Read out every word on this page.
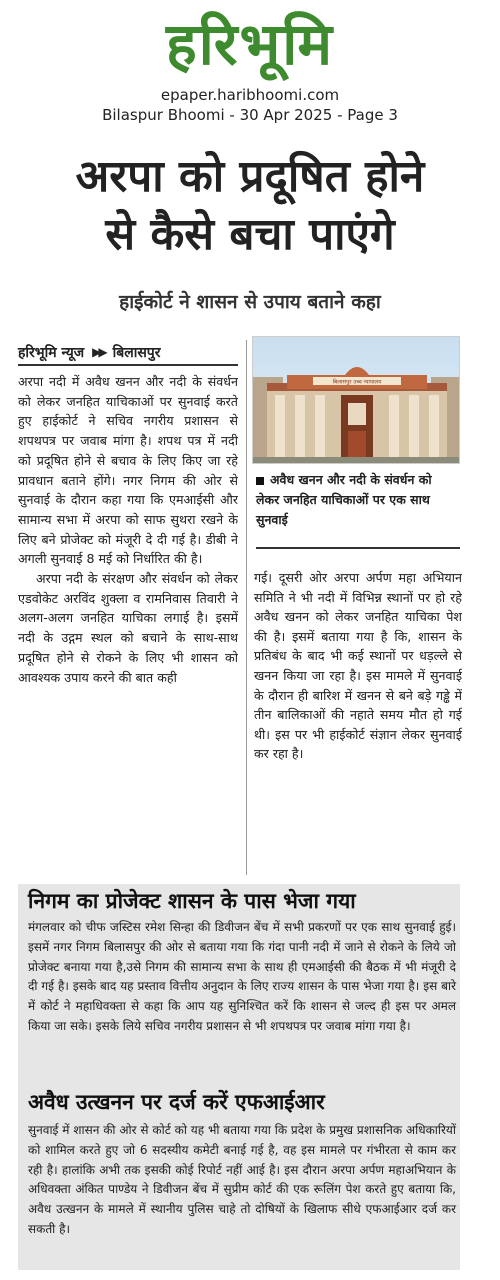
हरिभूमि
epaper.haribhoomi.com
Bilaspur Bhoomi - 30 Apr 2025 - Page 3
अरपा को प्रदूषित होने
से कैसे बचा पाएंगे
हाईकोर्ट ने शासन से उपाय बताने कहा
हरिभूमि न्यूज ▶▶ बिलासपुर

अरपा नदी में अवैध खनन और नदी के संवर्धन को लेकर जनहित याचिकाओं पर सुनवाई करते हुए हाईकोर्ट ने सचिव नगरीय प्रशासन से शपथपत्र पर जवाब मांगा है। शपथ पत्र में नदी को प्रदूषित होने से बचाव के लिए किए जा रहे प्रावधान बताने होंगे। नगर निगम की ओर से सुनवाई के दौरान कहा गया कि एमआईसी और सामान्य सभा में अरपा को साफ सुथरा रखने के लिए बने प्रोजेक्ट को मंजूरी दे दी गई है। डीबी ने अगली सुनवाई 8 मई को निर्धारित की है।

अरपा नदी के संरक्षण और संवर्धन को लेकर एडवोकेट अरविंद शुक्ला व रामनिवास तिवारी ने अलग-अलग जनहित याचिका लगाई है। इसमें नदी के उद्गम स्थल को बचाने के साथ-साथ प्रदूषित होने से रोकने के लिए भी शासन को आवश्यक उपाय करने की बात कही

बिलासपुर उच्च न्यायालय
अवैध खनन और नदी के संवर्धन को लेकर जनहित याचिकाओं पर एक साथ सुनवाई

गई। दूसरी ओर अरपा अर्पण महा अभियान समिति ने भी नदी में विभिन्न स्थानों पर हो रहे अवैध खनन को लेकर जनहित याचिका पेश की है। इसमें बताया गया है कि, शासन के प्रतिबंध के बाद भी कई स्थानों पर धड़ल्ले से खनन किया जा रहा है। इस मामले में सुनवाई के दौरान ही बारिश में खनन से बने बड़े गड्ढे में तीन बालिकाओं की नहाते समय मौत हो गई थी। इस पर भी हाईकोर्ट संज्ञान लेकर सुनवाई कर रहा है।

निगम का प्रोजेक्ट शासन के पास भेजा गया

मंगलवार को चीफ जस्टिस रमेश सिन्हा की डिवीजन बेंच में सभी प्रकरणों पर एक साथ सुनवाई हुई। इसमें नगर निगम बिलासपुर की ओर से बताया गया कि गंदा पानी नदी में जाने से रोकने के लिये जो प्रोजेक्ट बनाया गया है,उसे निगम की सामान्य सभा के साथ ही एमआईसी की बैठक में भी मंजूरी दे दी गई है। इसके बाद यह प्रस्ताव वित्तीय अनुदान के लिए राज्य शासन के पास भेजा गया है। इस बारे में कोर्ट ने महाधिवक्ता से कहा कि आप यह सुनिश्चित करें कि शासन से जल्द ही इस पर अमल किया जा सके। इसके लिये सचिव नगरीय प्रशासन से भी शपथपत्र पर जवाब मांगा गया है।

अवैध उत्खनन पर दर्ज करें एफआईआर

सुनवाई में शासन की ओर से कोर्ट को यह भी बताया गया कि प्रदेश के प्रमुख प्रशासनिक अधिकारियों को शामिल करते हुए जो 6 सदस्यीय कमेटी बनाई गई है, वह इस मामले पर गंभीरता से काम कर रही है। हालांकि अभी तक इसकी कोई रिपोर्ट नहीं आई है। इस दौरान अरपा अर्पण महाअभियान के अधिवक्ता अंकित पाण्डेय ने डिवीजन बेंच में सुप्रीम कोर्ट की एक रूलिंग पेश करते हुए बताया कि, अवैध उत्खनन के मामले में स्थानीय पुलिस चाहे तो दोषियों के खिलाफ सीधे एफआईआर दर्ज कर सकती है।
